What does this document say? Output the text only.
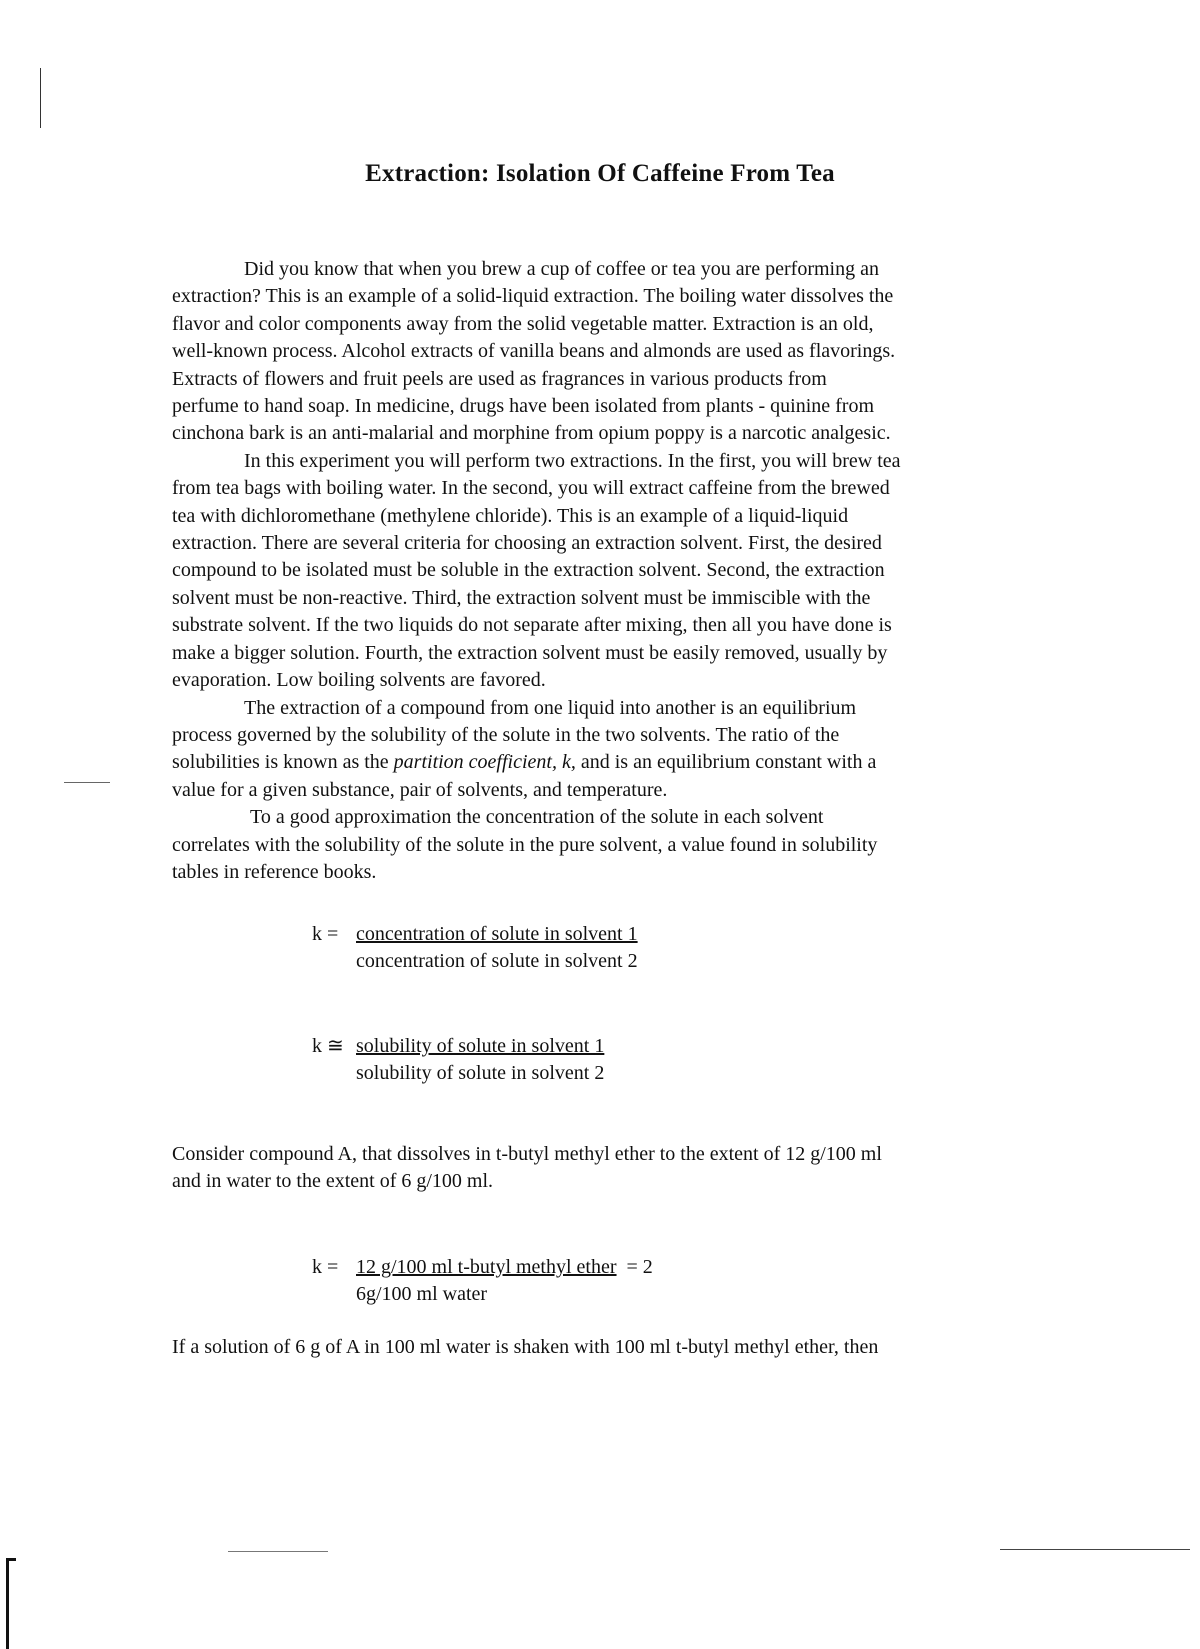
Extraction: Isolation Of Caffeine From Tea
Did you know that when you brew a cup of coffee or tea you are performing an
extraction? This is an example of a solid-liquid extraction. The boiling water dissolves the
flavor and color components away from the solid vegetable matter. Extraction is an old,
well-known process. Alcohol extracts of vanilla beans and almonds are used as flavorings.
Extracts of flowers and fruit peels are used as fragrances in various products from
perfume to hand soap. In medicine, drugs have been isolated from plants - quinine from
cinchona bark is an anti-malarial and morphine from opium poppy is a narcotic analgesic.
In this experiment you will perform two extractions. In the first, you will brew tea
from tea bags with boiling water. In the second, you will extract caffeine from the brewed
tea with dichloromethane (methylene chloride). This is an example of a liquid-liquid
extraction. There are several criteria for choosing an extraction solvent. First, the desired
compound to be isolated must be soluble in the extraction solvent. Second, the extraction
solvent must be non-reactive. Third, the extraction solvent must be immiscible with the
substrate solvent. If the two liquids do not separate after mixing, then all you have done is
make a bigger solution. Fourth, the extraction solvent must be easily removed, usually by
evaporation. Low boiling solvents are favored.
The extraction of a compound from one liquid into another is an equilibrium
process governed by the solubility of the solute in the two solvents. The ratio of the
solubilities is known as the partition coefficient, k, and is an equilibrium constant with a
value for a given substance, pair of solvents, and temperature.
To a good approximation the concentration of the solute in each solvent
correlates with the solubility of the solute in the pure solvent, a value found in solubility
tables in reference books.
k = concentration of solute in solvent 1
concentration of solute in solvent 2
k ≅ solubility of solute in solvent 1
solubility of solute in solvent 2
Consider compound A, that dissolves in t-butyl methyl ether to the extent of 12 g/100 ml
and in water to the extent of 6 g/100 ml.
k = 12 g/100 ml t-butyl methyl ether = 2
6g/100 ml water
If a solution of 6 g of A in 100 ml water is shaken with 100 ml t-butyl methyl ether, then
